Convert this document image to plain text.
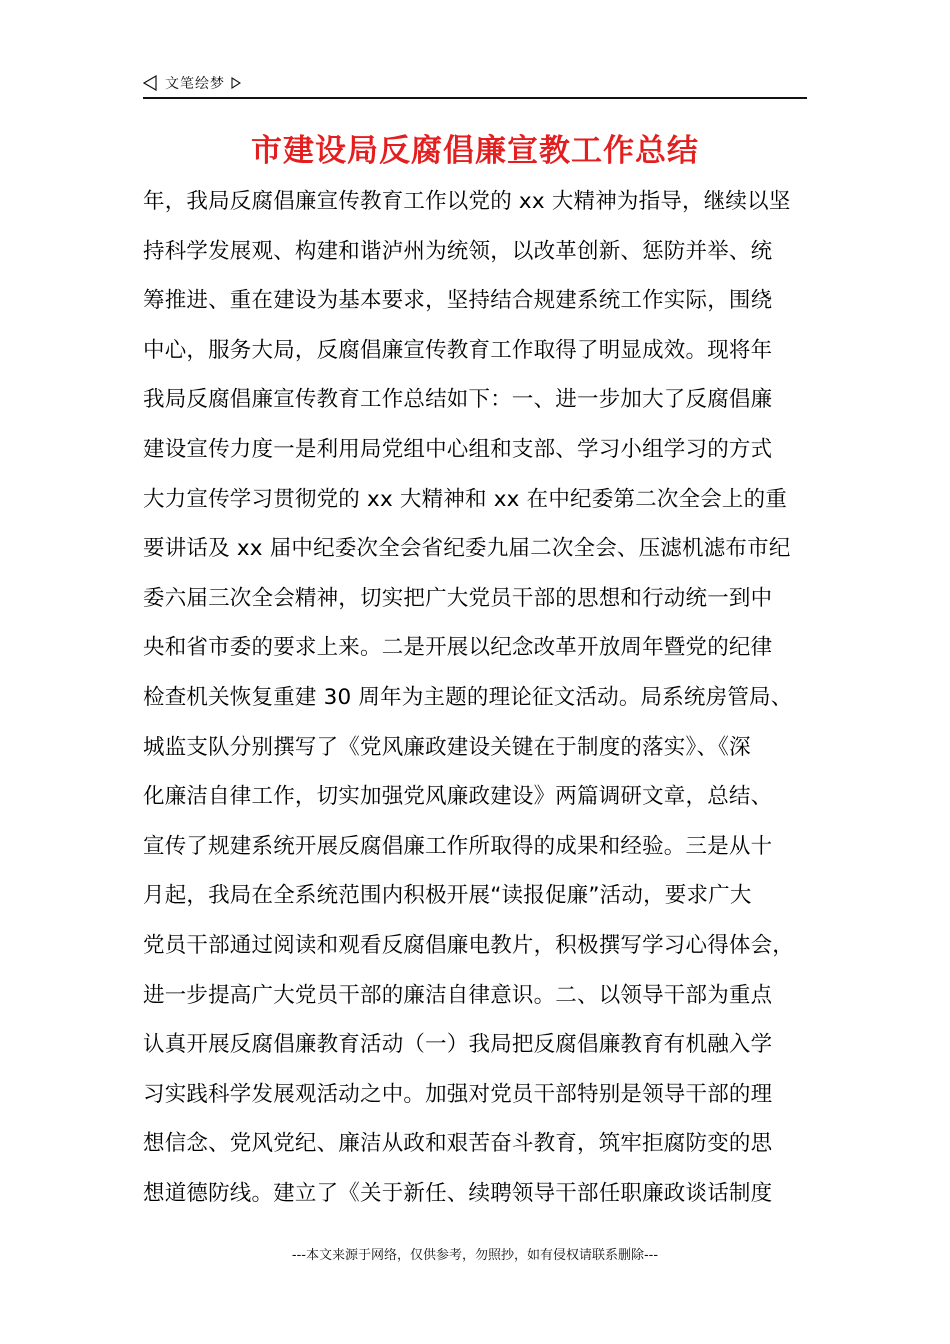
文笔绘梦
市建设局反腐倡廉宣教工作总结
年，我局反腐倡廉宣传教育工作以党的 xx 大精神为指导，继续以坚
持科学发展观、构建和谐泸州为统领，以改革创新、惩防并举、统
筹推进、重在建设为基本要求，坚持结合规建系统工作实际，围绕
中心，服务大局，反腐倡廉宣传教育工作取得了明显成效。现将年
我局反腐倡廉宣传教育工作总结如下：一、进一步加大了反腐倡廉
建设宣传力度一是利用局党组中心组和支部、学习小组学习的方式
大力宣传学习贯彻党的 xx 大精神和 xx 在中纪委第二次全会上的重
要讲话及 xx 届中纪委次全会省纪委九届二次全会、压滤机滤布市纪
委六届三次全会精神，切实把广大党员干部的思想和行动统一到中
央和省市委的要求上来。二是开展以纪念改革开放周年暨党的纪律
检查机关恢复重建 30 周年为主题的理论征文活动。局系统房管局、
城监支队分别撰写了《党风廉政建设关键在于制度的落实》、《深
化廉洁自律工作，切实加强党风廉政建设》两篇调研文章，总结、
宣传了规建系统开展反腐倡廉工作所取得的成果和经验。三是从十
月起，我局在全系统范围内积极开展“读报促廉”活动，要求广大
党员干部通过阅读和观看反腐倡廉电教片，积极撰写学习心得体会，
进一步提高广大党员干部的廉洁自律意识。二、以领导干部为重点
认真开展反腐倡廉教育活动（一）我局把反腐倡廉教育有机融入学
习实践科学发展观活动之中。加强对党员干部特别是领导干部的理
想信念、党风党纪、廉洁从政和艰苦奋斗教育，筑牢拒腐防变的思
想道德防线。建立了《关于新任、续聘领导干部任职廉政谈话制度
---本文来源于网络，仅供参考，勿照抄，如有侵权请联系删除---
